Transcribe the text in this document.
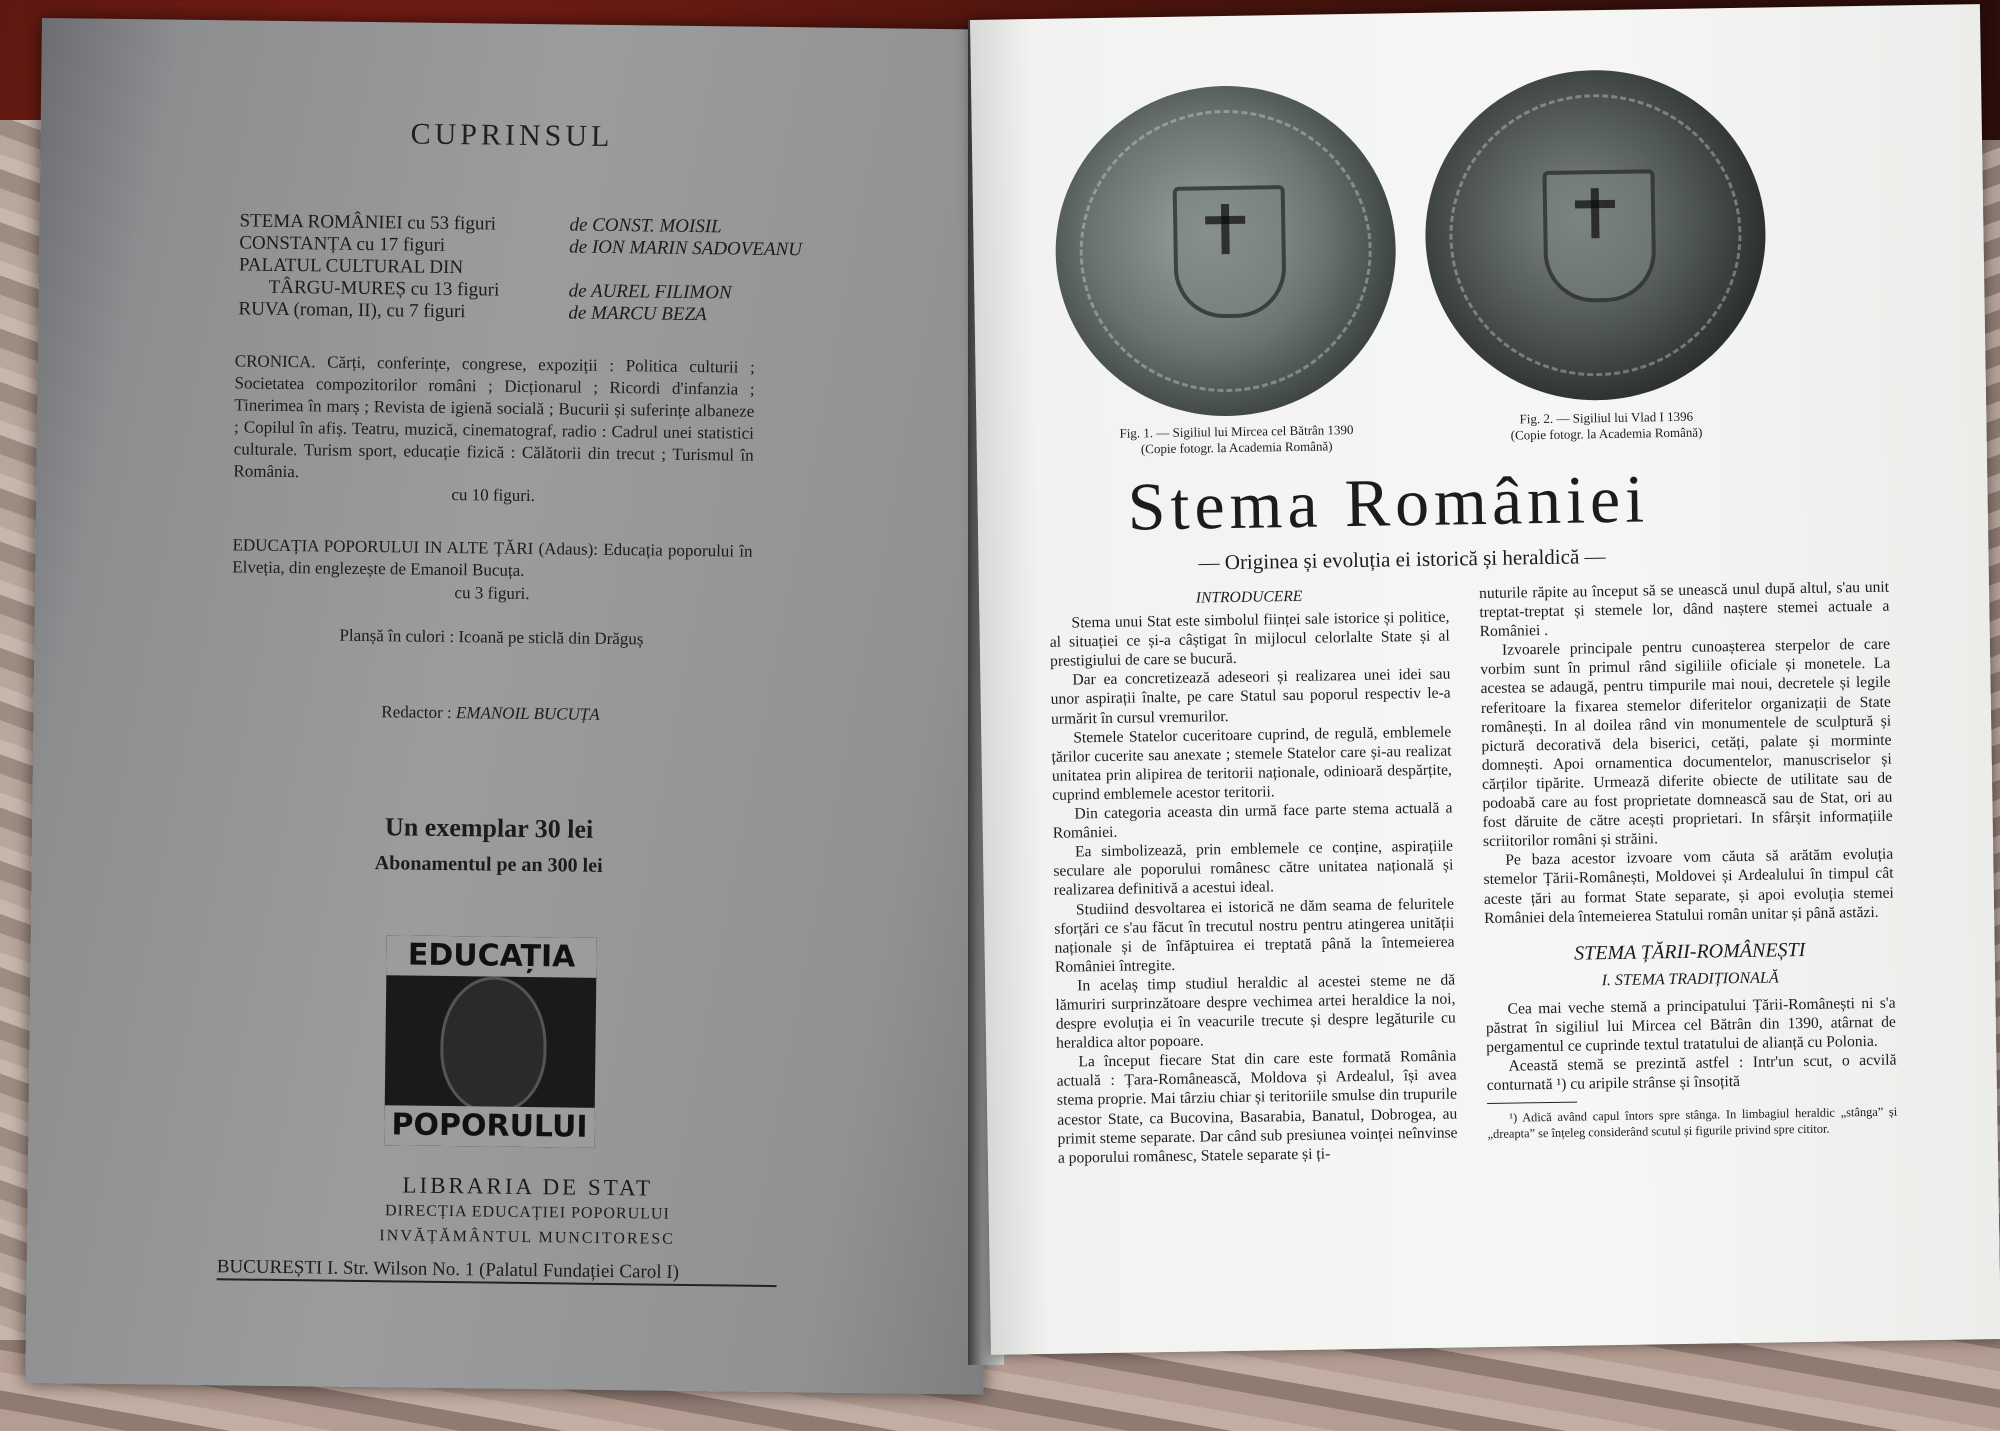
CUPRINSUL
STEMA ROMÂNIEI cu 53 figuri	de CONST. MOISIL
CONSTANȚA cu 17 figuri	de ION MARIN SADOVEANU
PALATUL CULTURAL DIN
TÂRGU-MUREȘ cu 13 figuri	de AUREL FILIMON
RUVA (roman, II), cu 7 figuri	de MARCU BEZA
CRONICA. Cărți, conferințe, congrese, expoziții : Politica culturii ; Societatea compozitorilor români ; Dicționarul ; Ricordi d'infanzia ; Tinerimea în marș ; Revista de igienă socială ; Bucurii și suferințe albaneze ; Copilul în afiș. Teatru, muzică, cinematograf, radio : Cadrul unei statistici culturale. Turism sport, educație fizică : Călătorii din trecut ; Turismul în România.
cu 10 figuri.
EDUCAȚIA POPORULUI IN ALTE ȚĂRI (Adaus): Educația poporului în Elveția, din englezește de Emanoil Bucuța.
cu 3 figuri.
Planșă în culori : Icoană pe sticlă din Drăguș
Redactor : EMANOIL BUCUȚA
Un exemplar 30 lei
Abonamentul pe an 300 lei
EDUCAȚIA
POPORULUI
LIBRARIA DE STAT
DIRECȚIA EDUCAȚIEI POPORULUI
INVĂȚĂMÂNTUL MUNCITORESC
BUCUREȘTI I. Str. Wilson No. 1 (Palatul Fundației Carol I)
Fig. 1. — Sigiliul lui Mircea cel Bătrân 1390
(Copie fotogr. la Academia Română)
Fig. 2. — Sigiliul lui Vlad I 1396
(Copie fotogr. la Academia Română)
Stema României
— Originea și evoluția ei istorică și heraldică —

INTRODUCERE

Stema unui Stat este simbolul ființei sale istorice și politice, al situației ce și-a câștigat în mijlocul celorlalte State și al prestigiului de care se bucură.

Dar ea concretizează adeseori și realizarea unei idei sau unor aspirații înalte, pe care Statul sau poporul respectiv le-a urmărit în cursul vremurilor.

Stemele Statelor cuceritoare cuprind, de regulă, emblemele țărilor cucerite sau anexate ; stemele Statelor care și-au realizat unitatea prin alipirea de teritorii naționale, odinioară despărțite, cuprind emblemele acestor teritorii.

Din categoria aceasta din urmă face parte stema actuală a României.

Ea simbolizează, prin emblemele ce conține, aspirațiile seculare ale poporului românesc către unitatea națională și realizarea definitivă a acestui ideal.

Studiind desvoltarea ei istorică ne dăm seama de feluritele sforțări ce s'au făcut în trecutul nostru pentru atingerea unității naționale și de înfăptuirea ei treptată până la întemeierea României întregite.

In acelaș timp studiul heraldic al acestei steme ne dă lămuriri surprinzătoare despre vechimea artei heraldice la noi, despre evoluția ei în veacurile trecute și despre legăturile cu heraldica altor popoare.

La început fiecare Stat din care este formată România actuală : Țara-Românească, Moldova și Ardealul, își avea stema proprie. Mai târziu chiar și teritoriile smulse din trupurile acestor State, ca Bucovina, Basarabia, Banatul, Dobrogea, au primit steme separate. Dar când sub presiunea voinței neînvinse a poporului românesc, Statele separate și ți-

nuturile răpite au început să se unească unul după altul, s'au unit treptat-treptat și stemele lor, dând naștere stemei actuale a României .

Izvoarele principale pentru cunoașterea sterpelor de care vorbim sunt în primul rând sigiliile oficiale și monetele. La acestea se adaugă, pentru timpurile mai noui, decretele și legile referitoare la fixarea stemelor diferitelor organizații de State românești. In al doilea rând vin monumentele de sculptură și pictură decorativă dela biserici, cetăți, palate și morminte domnești. Apoi ornamentica documentelor, manuscriselor și cărților tipărite. Urmează diferite obiecte de utilitate sau de podoabă care au fost proprietate domnească sau de Stat, ori au fost dăruite de către acești proprietari. In sfârșit informațiile scriitorilor români și străini.

Pe baza acestor izvoare vom căuta să arătăm evoluția stemelor Țării-Românești, Moldovei și Ardealului în timpul cât aceste țări au format State separate, și apoi evoluția stemei României dela întemeierea Statului român unitar și până astăzi.

STEMA ȚĂRII-ROMÂNEȘTI

I. STEMA TRADIȚIONALĂ

Cea mai veche stemă a principatului Țării-Românești ni s'a păstrat în sigiliul lui Mircea cel Bătrân din 1390, atârnat de pergamentul ce cuprinde textul tratatului de alianță cu Polonia.

Această stemă se prezintă astfel : Intr'un scut, o acvilă conturnată ¹) cu aripile strânse și însoțită

¹) Adică având capul întors spre stânga. In limbagiul heraldic „stânga” și „dreapta” se înțeleg considerând scutul și figurile privind spre cititor.
